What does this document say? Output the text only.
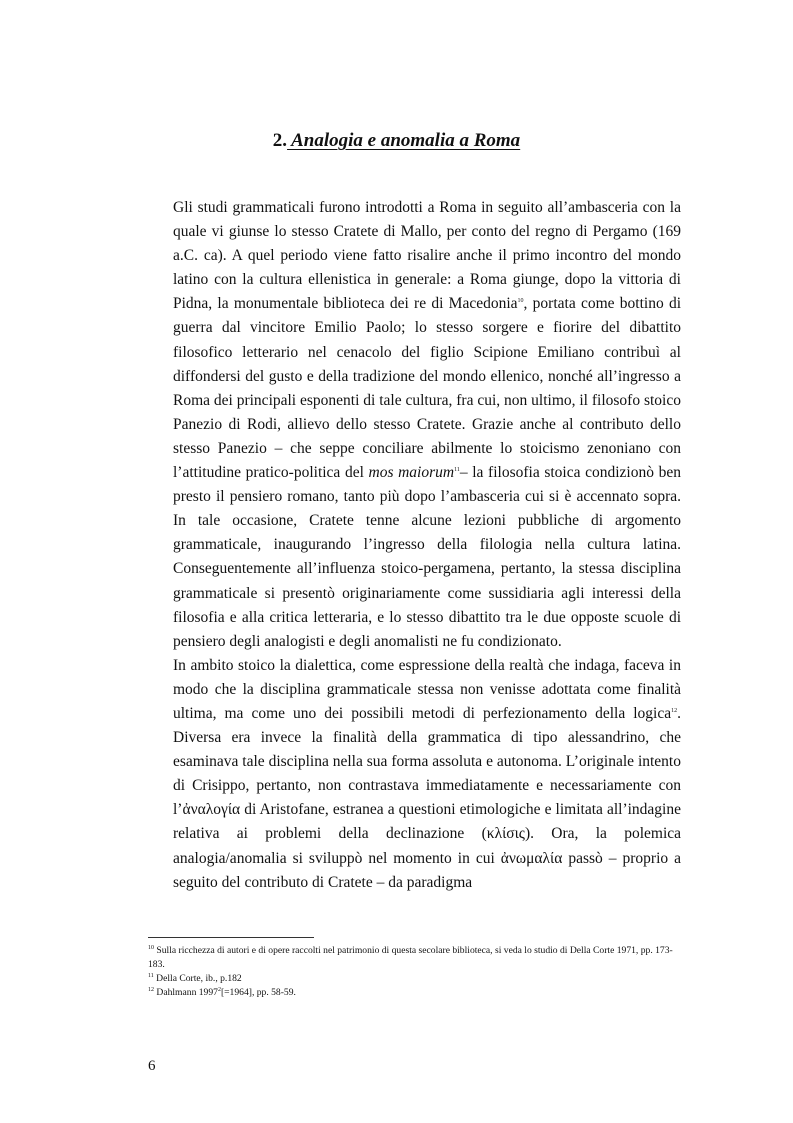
2. Analogia e anomalia a Roma

Gli studi grammaticali furono introdotti a Roma in seguito all’ambasceria con la quale vi giunse lo stesso Cratete di Mallo, per conto del regno di Pergamo (169 a.C. ca). A quel periodo viene fatto risalire anche il primo incontro del mondo latino con la cultura ellenistica in generale: a Roma giunge, dopo la vittoria di Pidna, la monumentale biblioteca dei re di Macedonia$^{10}$, portata come bottino di guerra dal vincitore Emilio Paolo; lo stesso sorgere e fiorire del dibattito filosofico letterario nel cenacolo del figlio Scipione Emiliano contribuì al diffondersi del gusto e della tradizione del mondo ellenico, nonché all’ingresso a Roma dei principali esponenti di tale cultura, fra cui, non ultimo, il filosofo stoico Panezio di Rodi, allievo dello stesso Cratete. Grazie anche al contributo dello stesso Panezio – che seppe conciliare abilmente lo stoicismo zenoniano con l’attitudine pratico-politica del mos maiorum$^{11}$– la filosofia stoica condizionò ben presto il pensiero romano, tanto più dopo l’ambasceria cui si è accennato sopra. In tale occasione, Cratete tenne alcune lezioni pubbliche di argomento grammaticale, inaugurando l’ingresso della filologia nella cultura latina. Conseguentemente all’influenza stoico-pergamena, pertanto, la stessa disciplina grammaticale si presentò originariamente come sussidiaria agli interessi della filosofia e alla critica letteraria, e lo stesso dibattito tra le due opposte scuole di pensiero degli analogisti e degli anomalisti ne fu condizionato.

In ambito stoico la dialettica, come espressione della realtà che indaga, faceva in modo che la disciplina grammaticale stessa non venisse adottata come finalità ultima, ma come uno dei possibili metodi di perfezionamento della logica$^{12}$. Diversa era invece la finalità della grammatica di tipo alessandrino, che esaminava tale disciplina nella sua forma assoluta e autonoma. L’originale intento di Crisippo, pertanto, non contrastava immediatamente e necessariamente con l’ἀναλογία di Aristofane, estranea a questioni etimologiche e limitata all’indagine relativa ai problemi della declinazione (κλίσις). Ora, la polemica analogia/anomalia si sviluppò nel momento in cui ἀνωμαλία passò – proprio a seguito del contributo di Cratete – da paradigma

$^{10}$ Sulla ricchezza di autori e di opere raccolti nel patrimonio di questa secolare biblioteca, si veda lo studio di Della Corte 1971, pp. 173-183.

$^{11}$ Della Corte, ib., p.182

$^{12}$ Dahlmann $1997^2[=1964]$, pp. 58-59.

6
